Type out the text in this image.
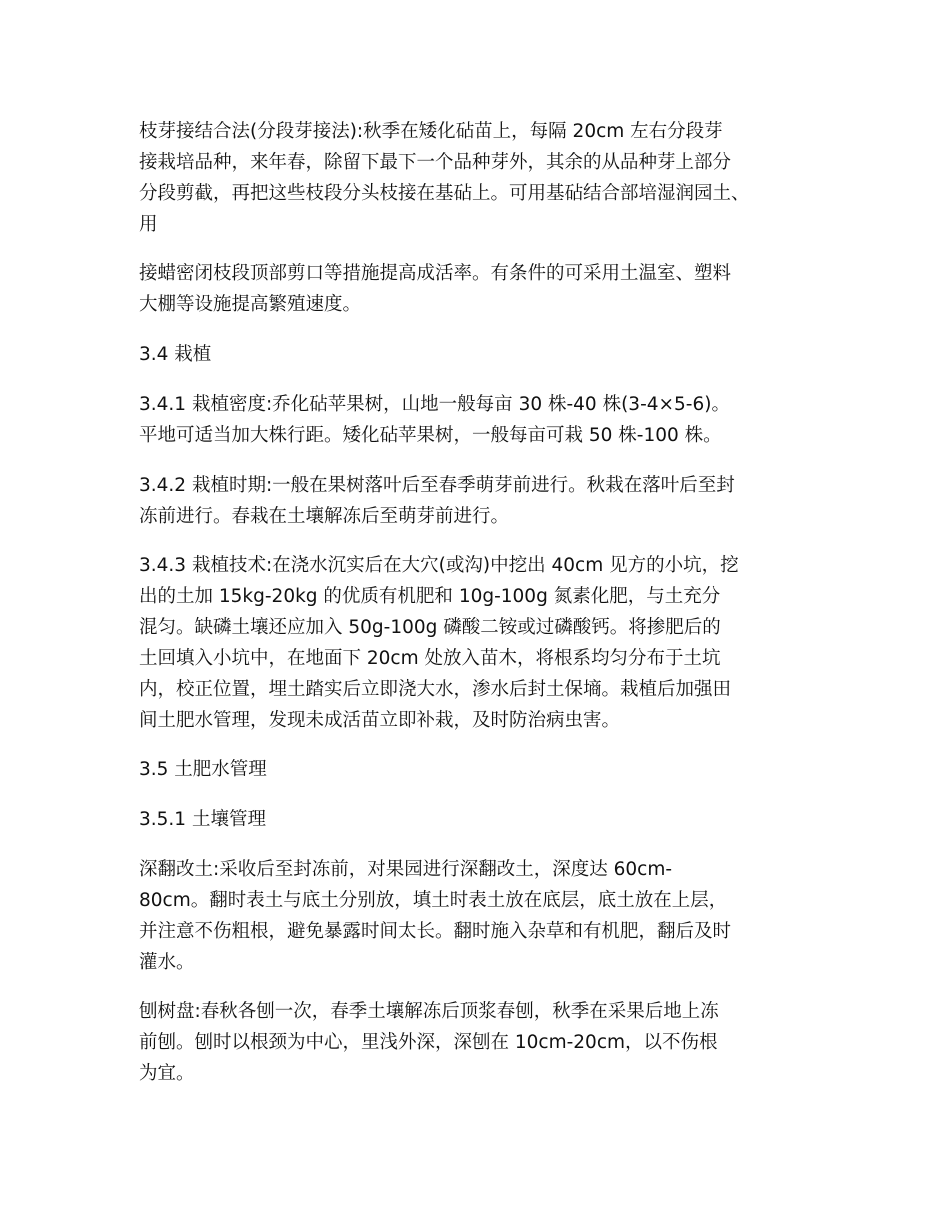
枝芽接结合法(分段芽接法):秋季在矮化砧苗上，每隔 20cm 左右分段芽
接栽培品种，来年春，除留下最下一个品种芽外，其余的从品种芽上部分
分段剪截，再把这些枝段分头枝接在基砧上。可用基砧结合部培湿润园土、
用

接蜡密闭枝段顶部剪口等措施提高成活率。有条件的可采用土温室、塑料
大棚等设施提高繁殖速度。

3.4 栽植

3.4.1 栽植密度:乔化砧苹果树，山地一般每亩 30 株-40 株(3-4×5-6)。
平地可适当加大株行距。矮化砧苹果树，一般每亩可栽 50 株-100 株。

3.4.2 栽植时期:一般在果树落叶后至春季萌芽前进行。秋栽在落叶后至封
冻前进行。春栽在土壤解冻后至萌芽前进行。

3.4.3 栽植技术:在浇水沉实后在大穴(或沟)中挖出 40cm 见方的小坑，挖
出的土加 15kg-20kg 的优质有机肥和 10g-100g 氮素化肥，与土充分
混匀。缺磷土壤还应加入 50g-100g 磷酸二铵或过磷酸钙。将掺肥后的
土回填入小坑中，在地面下 20cm 处放入苗木，将根系均匀分布于土坑
内，校正位置，埋土踏实后立即浇大水，渗水后封土保墒。栽植后加强田
间土肥水管理，发现未成活苗立即补栽，及时防治病虫害。

3.5 土肥水管理

3.5.1 土壤管理

深翻改土:采收后至封冻前，对果园进行深翻改土，深度达 60cm-
80cm。翻时表土与底土分别放，填土时表土放在底层，底土放在上层，
并注意不伤粗根，避免暴露时间太长。翻时施入杂草和有机肥，翻后及时
灌水。

刨树盘:春秋各刨一次，春季土壤解冻后顶浆春刨，秋季在采果后地上冻
前刨。刨时以根颈为中心，里浅外深，深刨在 10cm-20cm，以不伤根
为宜。
